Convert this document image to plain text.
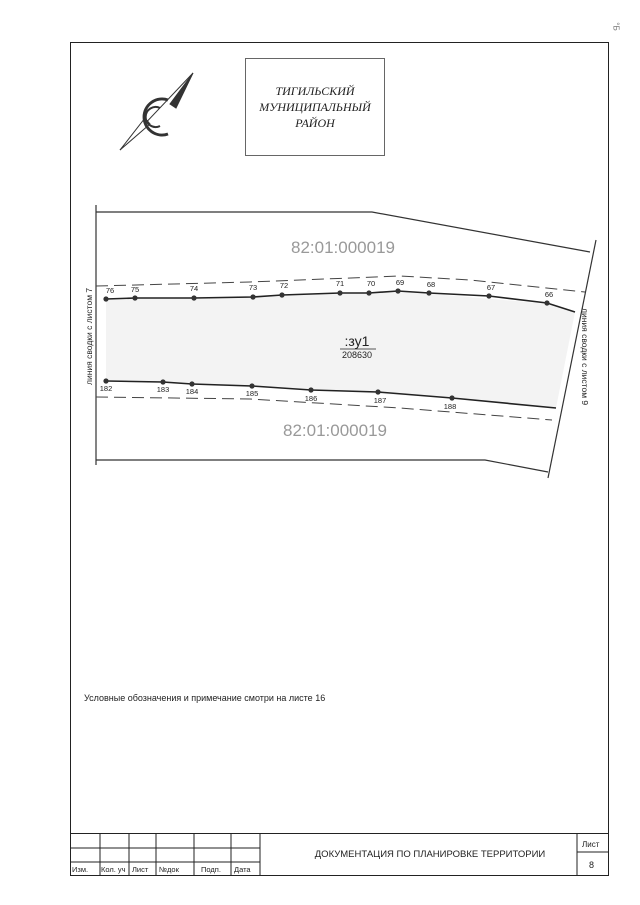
°Б
ТИГИЛЬСКИЙ
МУНИЦИПАЛЬНЫЙ
РАЙОН
76 75	74	73	72	71	70	69	68	67
66
182	183 184	185
186	187
188
82:01:000019
82:01:000019
:зу1
208630
линия сводки с листом 7	линия сводки с листом 9
Условные обозначения и примечание смотри на листе 16
Изм. Кол. уч Лист №док	Подп. Дата
ДОКУМЕНТАЦИЯ ПО ПЛАНИРОВКЕ ТЕРРИТОРИИ
Лист
8
